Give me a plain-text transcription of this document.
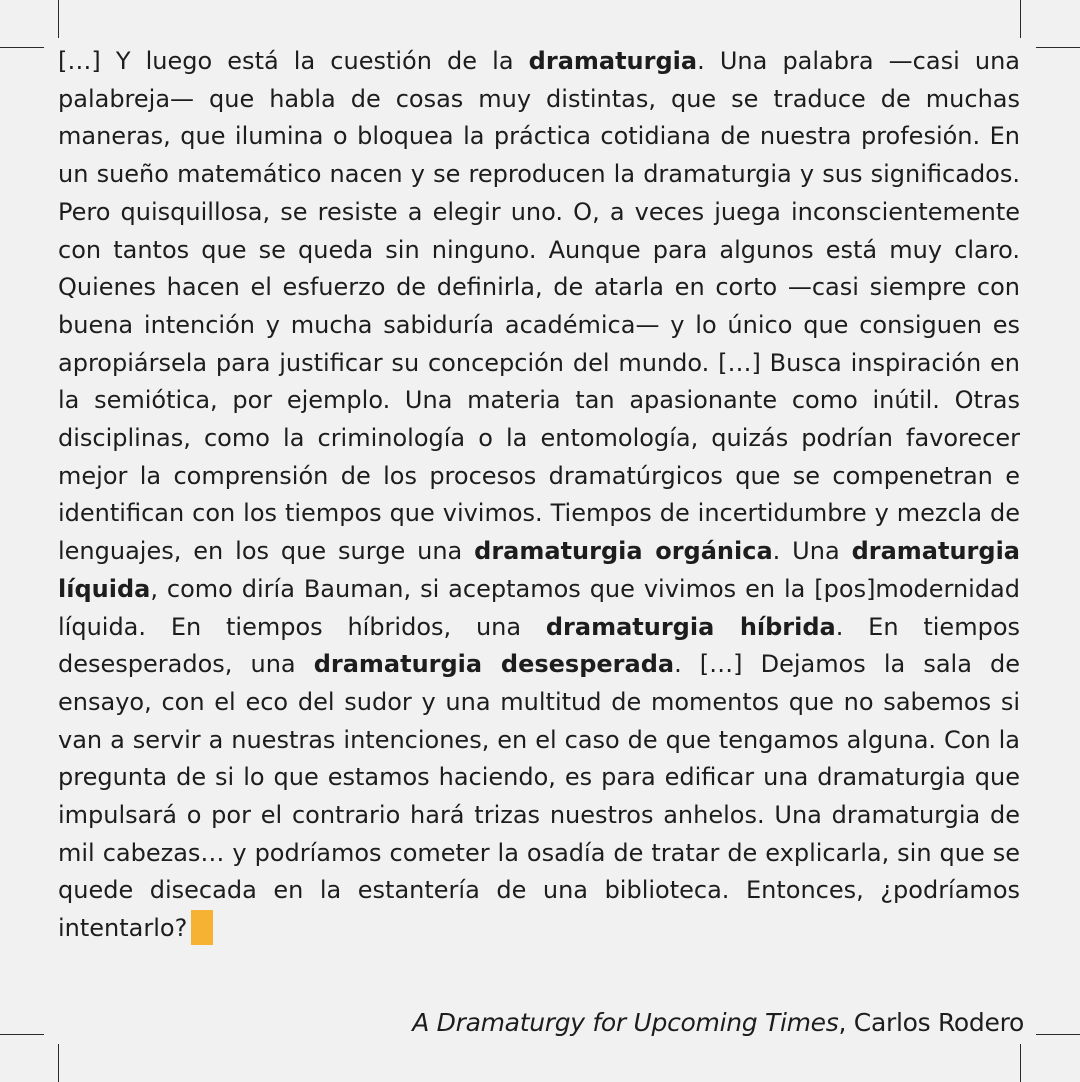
[…] Y luego está la cuestión de la dramaturgia. Una palabra —casi una palabreja— que habla de cosas muy distintas, que se traduce de muchas maneras, que ilumina o bloquea la práctica cotidiana de nuestra profesión. En un sueño matemático nacen y se reproducen la dramaturgia y sus significados. Pero quisquillosa, se resiste a elegir uno. O, a veces juega inconscientemente con tantos que se queda sin ninguno. Aunque para algunos está muy claro. Quienes hacen el esfuerzo de definirla, de atarla en corto —casi siempre con buena intención y mucha sabiduría académica— y lo único que consiguen es apropiársela para justificar su concepción del mundo. […] Busca inspiración en la semiótica, por ejemplo. Una materia tan apasionante como inútil. Otras disciplinas, como la criminología o la entomología, quizás podrían favorecer mejor la comprensión de los procesos dramatúrgicos que se compenetran e identifican con los tiempos que vivimos. Tiempos de incertidumbre y mezcla de lenguajes, en los que surge una dramaturgia orgánica. Una dramaturgia líquida, como diría Bauman, si aceptamos que vivimos en la [pos]modernidad líquida. En tiempos híbridos, una dramaturgia híbrida. En tiempos desesperados, una dramaturgia desesperada. […] Dejamos la sala de ensayo, con el eco del sudor y una multitud de momentos que no sabemos si van a servir a nuestras intenciones, en el caso de que tengamos alguna. Con la pregunta de si lo que estamos haciendo, es para edificar una dramaturgia que impulsará o por el contrario hará trizas nuestros anhelos. Una dramaturgia de mil cabezas… y podríamos cometer la osadía de tratar de explicarla, sin que se quede disecada en la estantería de una biblioteca. Entonces, ¿podríamos intentarlo?

A Dramaturgy for Upcoming Times, Carlos Rodero
